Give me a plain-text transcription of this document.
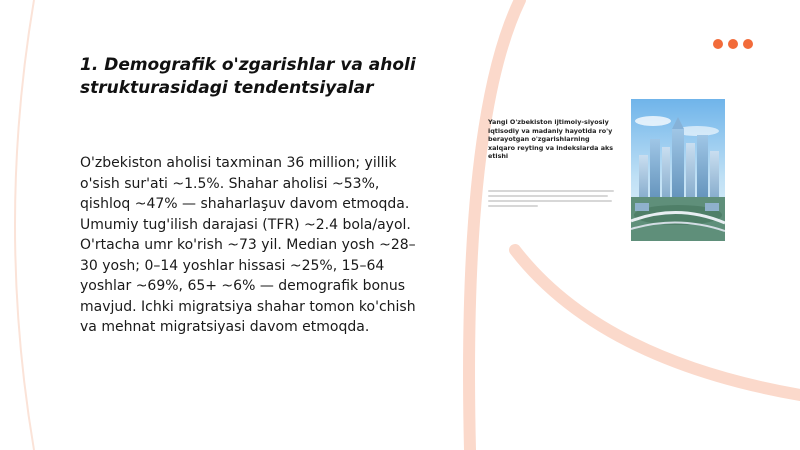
1. Demografik o'zgarishlar va aholi strukturasidagi tendentsiyalar

O'zbekiston aholisi taxminan 36 million; yillik o'sish sur'ati ~1.5%. Shahar aholisi ~53%, qishloq ~47% — shaharlaşuv davom etmoqda. Umumiy tug'ilish darajasi (TFR) ~2.4 bola/ayol. O'rtacha umr ko'rish ~73 yil. Median yosh ~28–30 yosh; 0–14 yoshlar hissasi ~25%, 15–64 yoshlar ~69%, 65+ ~6% — demografik bonus mavjud. Ichki migratsiya shahar tomon ko'chish va mehnat migratsiyasi davom etmoqda.

Yangi O'zbekiston ijtimoiy-siyosiy iqtisodiy va madaniy hayotida ro'y berayotgan o'zgarishlarning xalqaro reyting va indekslarda aks etishi
